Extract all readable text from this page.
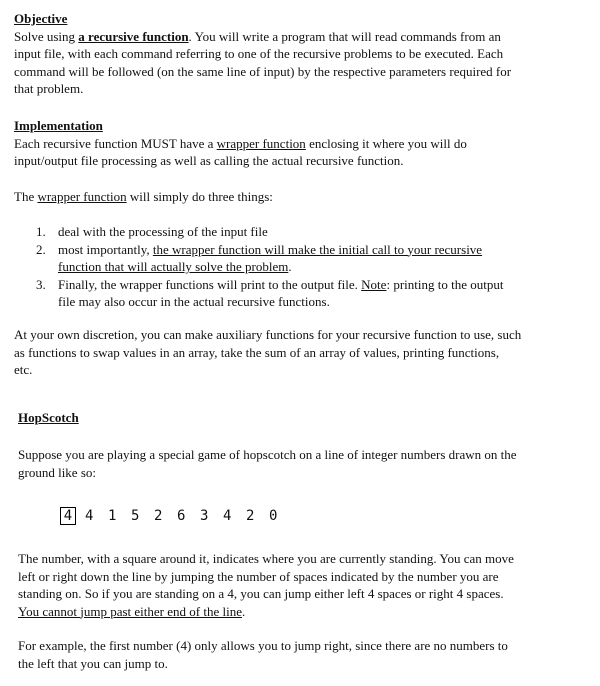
Objective
Solve using a recursive function. You will write a program that will read commands from an
input file, with each command referring to one of the recursive problems to be executed. Each
command will be followed (on the same line of input) by the respective parameters required for
that problem.
Implementation
Each recursive function MUST have a wrapper function enclosing it where you will do
input/output file processing as well as calling the actual recursive function.
The wrapper function will simply do three things:
1. deal with the processing of the input file
2. most importantly, the wrapper function will make the initial call to your recursive
function that will actually solve the problem.
3. Finally, the wrapper functions will print to the output file. Note: printing to the output
file may also occur in the actual recursive functions.
At your own discretion, you can make auxiliary functions for your recursive function to use, such
as functions to swap values in an array, take the sum of an array of values, printing functions,
etc.
HopScotch
Suppose you are playing a special game of hopscotch on a line of integer numbers drawn on the
ground like so:
4 4 1 5 2 6 3 4 2 0
The number, with a square around it, indicates where you are currently standing. You can move
left or right down the line by jumping the number of spaces indicated by the number you are
standing on. So if you are standing on a 4, you can jump either left 4 spaces or right 4 spaces.
You cannot jump past either end of the line.
For example, the first number (4) only allows you to jump right, since there are no numbers to
the left that you can jump to.
